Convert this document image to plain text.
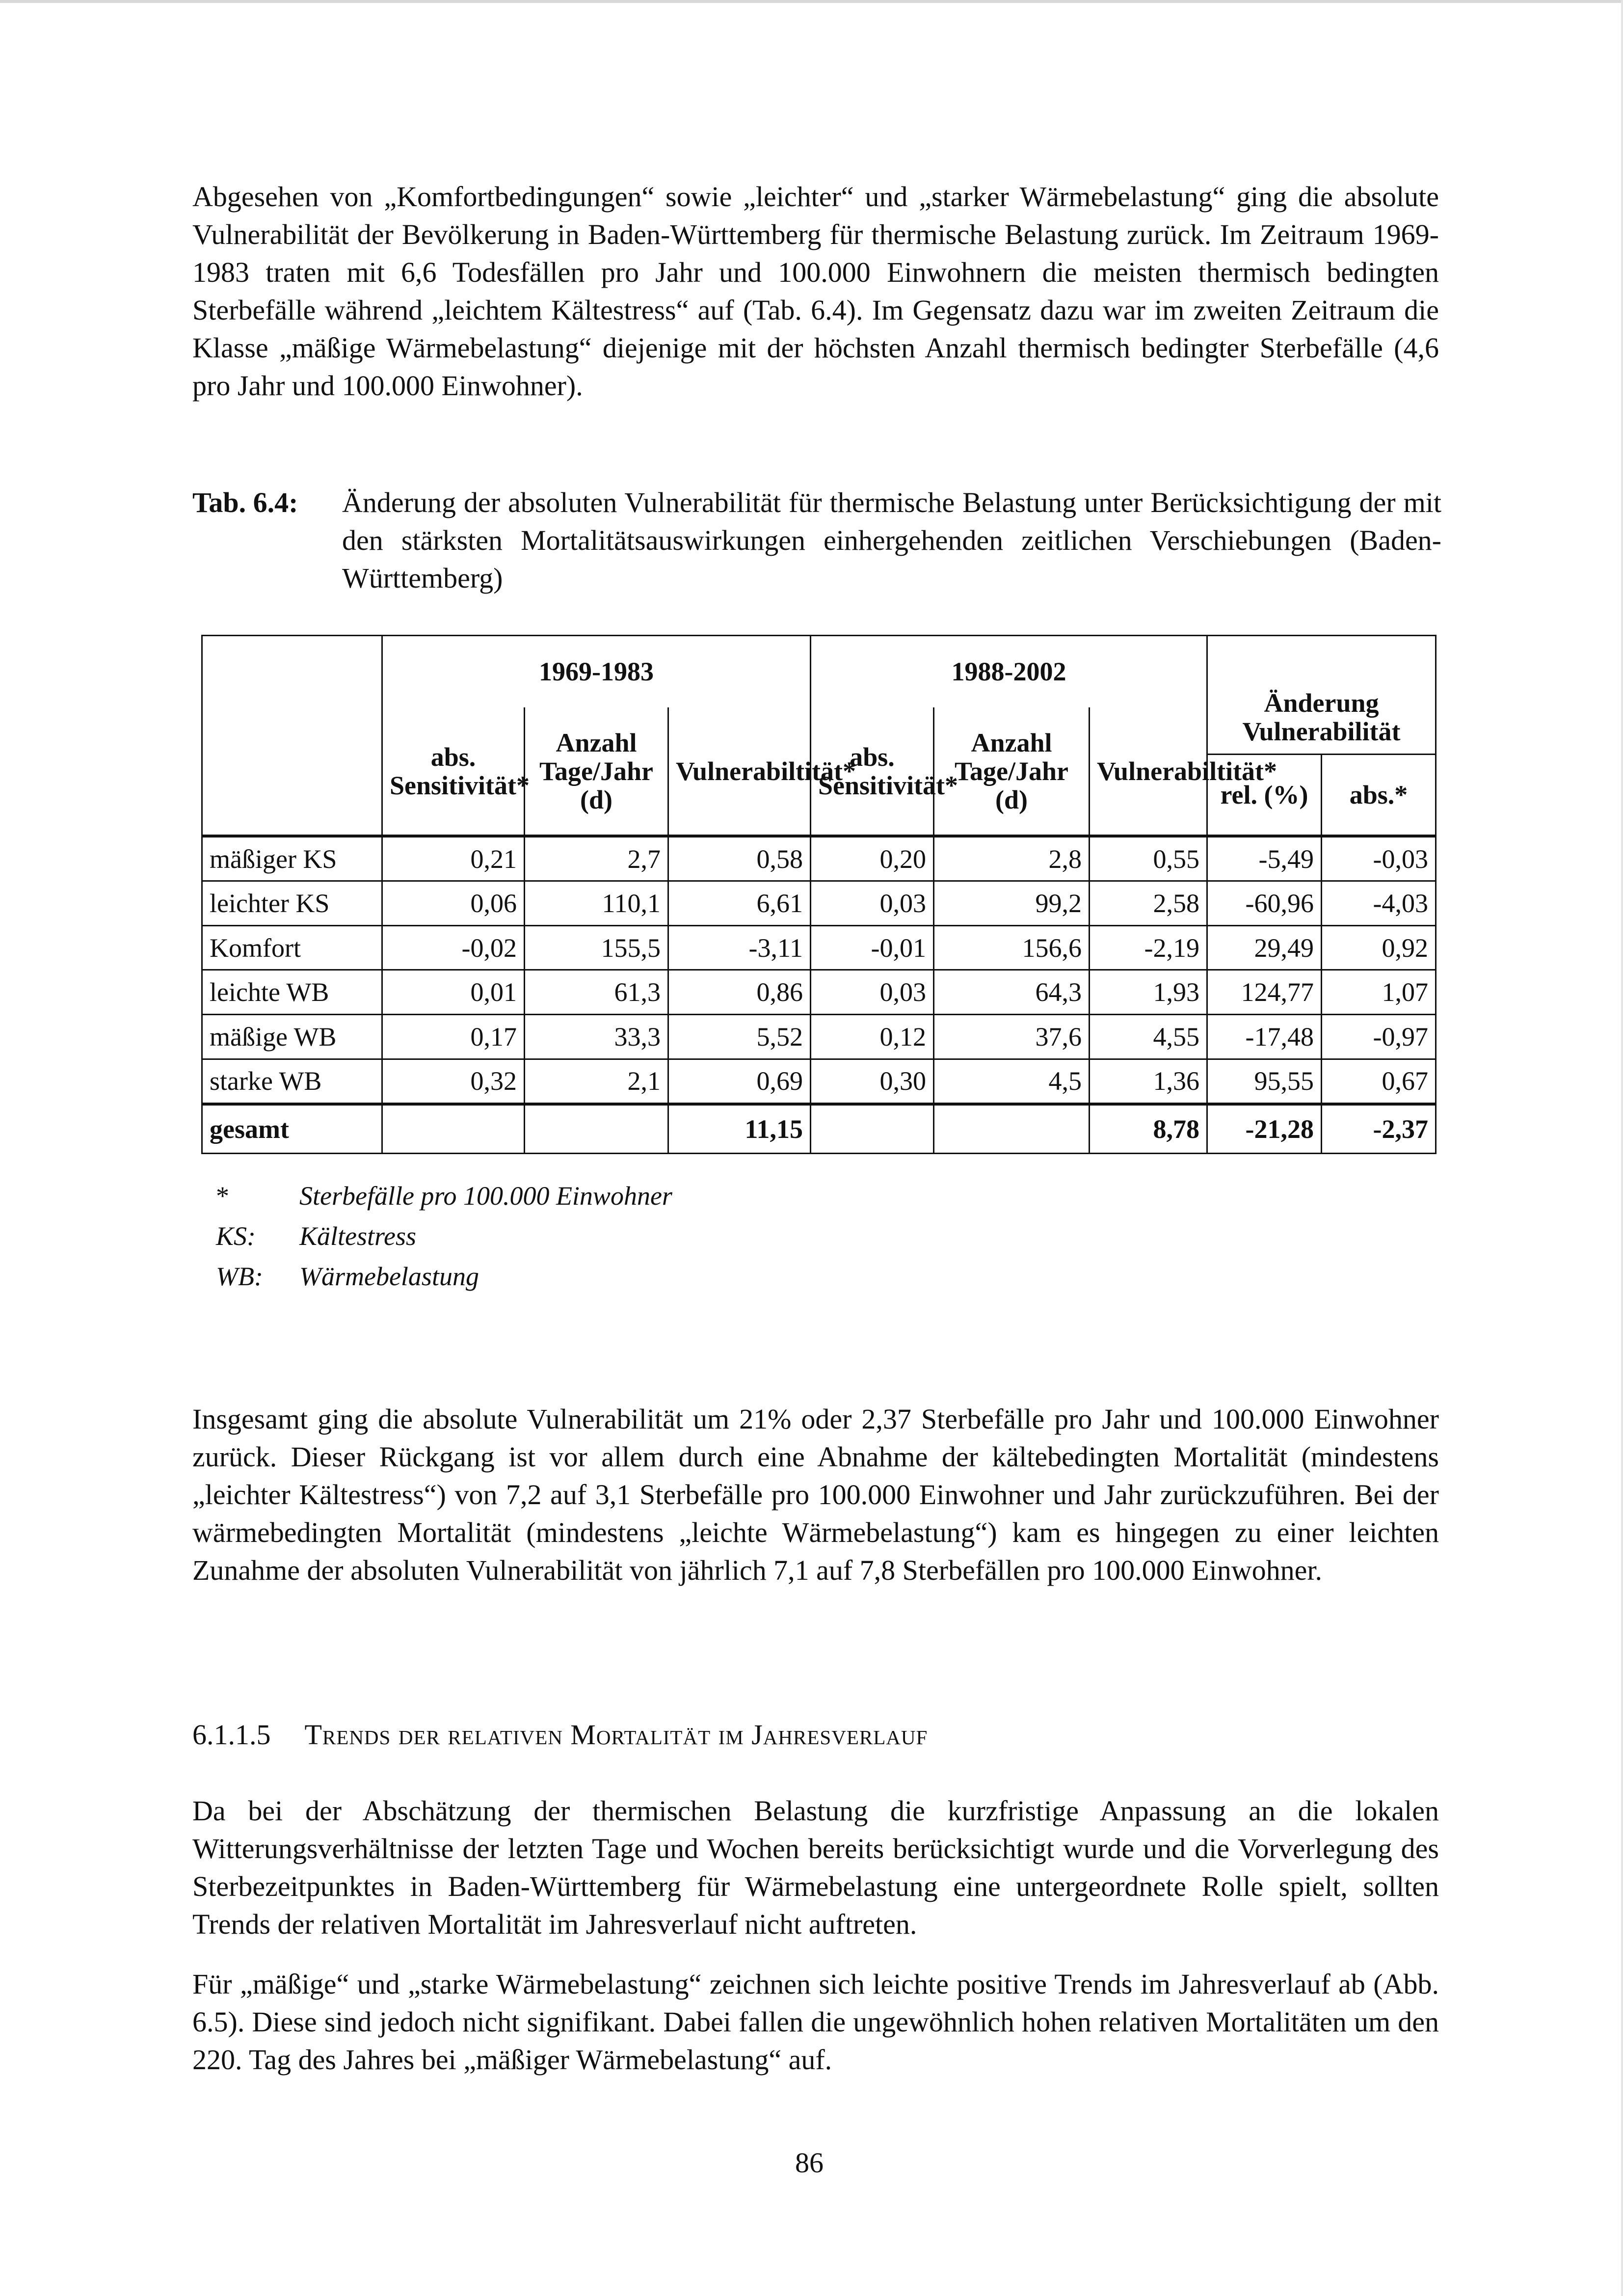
Abgesehen von „Komfortbedingungen“ sowie „leichter“ und „starker Wärmebelastung“ ging die absolute Vulnerabilität der Bevölkerung in Baden-Württemberg für thermische Belastung zurück. Im Zeitraum 1969-1983 traten mit 6,6 Todesfällen pro Jahr und 100.000 Einwohnern die meisten thermisch bedingten Sterbefälle während „leichtem Kältestress“ auf (Tab. 6.4). Im Gegensatz dazu war im zweiten Zeitraum die Klasse „mäßige Wärmebelastung“ diejenige mit der höchsten Anzahl thermisch bedingter Sterbefälle (4,6 pro Jahr und 100.000 Einwohner).

Tab. 6.4: Änderung der absoluten Vulnerabilität für thermische Belastung unter Berücksichtigung der mit den stärksten Mortalitätsauswirkungen einhergehenden zeitlichen Verschiebungen (Baden-Württemberg)
	1969-1983			1988-2002			Änderung Vulnerabilität	
	abs. Sensitivität*	Anzahl Tage/Jahr (d)	Vulnerabiltität*	abs. Sensitivität*	Anzahl Tage/Jahr (d)	Vulnerabiltität*		
							rel. (%)	abs.*
mäßiger KS	0,21	2,7	0,58	0,20	2,8	0,55	-5,49	-0,03
leichter KS	0,06	110,1	6,61	0,03	99,2	2,58	-60,96	-4,03
Komfort	-0,02	155,5	-3,11	-0,01	156,6	-2,19	29,49	0,92
leichte WB	0,01	61,3	0,86	0,03	64,3	1,93	124,77	1,07
mäßige WB	0,17	33,3	5,52	0,12	37,6	4,55	-17,48	-0,97
starke WB	0,32	2,1	0,69	0,30	4,5	1,36	95,55	0,67
gesamt			11,15			8,78	-21,28	-2,37
*	Sterbefälle pro 100.000 Einwohner
KS:	Kältestress
WB:	Wärmebelastung

Insgesamt ging die absolute Vulnerabilität um 21% oder 2,37 Sterbefälle pro Jahr und 100.000 Einwohner zurück. Dieser Rückgang ist vor allem durch eine Abnahme der kältebedingten Mortalität (mindestens „leichter Kältestress“) von 7,2 auf 3,1 Sterbefälle pro 100.000 Einwohner und Jahr zurückzuführen. Bei der wärmebedingten Mortalität (mindestens „leichte Wärmebelastung“) kam es hingegen zu einer leichten Zunahme der absoluten Vulnerabilität von jährlich 7,1 auf 7,8 Sterbefällen pro 100.000 Einwohner.

6.1.1.5 Trends der relativen Mortalität im Jahresverlauf

Da bei der Abschätzung der thermischen Belastung die kurzfristige Anpassung an die lokalen Witterungsverhältnisse der letzten Tage und Wochen bereits berücksichtigt wurde und die Vorverlegung des Sterbezeitpunktes in Baden-Württemberg für Wärmebelastung eine untergeordnete Rolle spielt, sollten Trends der relativen Mortalität im Jahresverlauf nicht auftreten.

Für „mäßige“ und „starke Wärmebelastung“ zeichnen sich leichte positive Trends im Jahresverlauf ab (Abb. 6.5). Diese sind jedoch nicht signifikant. Dabei fallen die ungewöhnlich hohen relativen Mortalitäten um den 220. Tag des Jahres bei „mäßiger Wärmebelastung“ auf.

86
